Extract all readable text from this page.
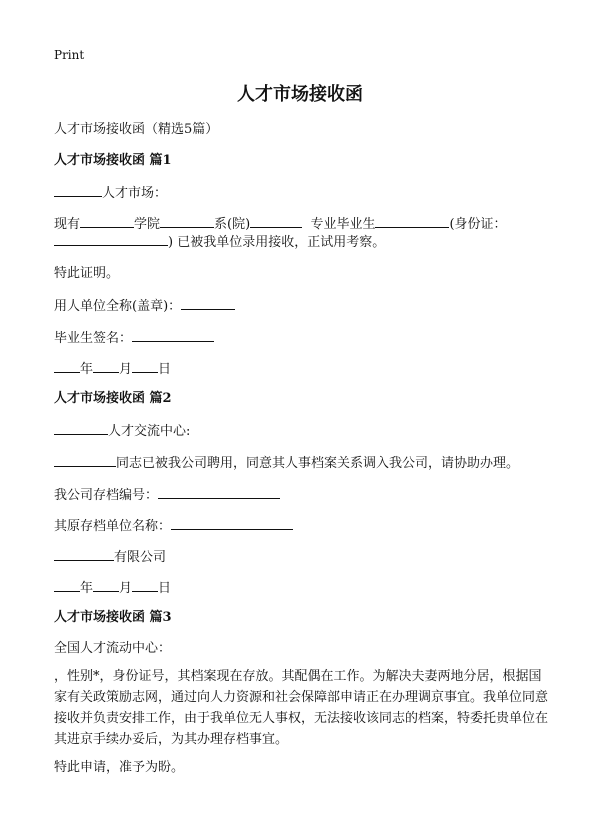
Print
人才市场接收函
人才市场接收函（精选5篇）
人才市场接收函 篇1
人才市场：
现有	学院	系(院)	专业毕业生	(身份证：
) 已被我单位录用接收，正试用考察。
特此证明。
用人单位全称(盖章)：
毕业生签名：
年 月 日
人才市场接收函 篇2
人才交流中心:
同志已被我公司聘用，同意其人事档案关系调入我公司，请协助办理。
我公司存档编号：
其原存档单位名称：
有限公司
年 月 日
人才市场接收函 篇3
全国人才流动中心：
，性别*，身份证号，其档案现在存放。其配偶在工作。为解决夫妻两地分居，根据国家有关政策励志网，通过向人力资源和社会保障部申请正在办理调京事宜。我单位同意接收并负责安排工作，由于我单位无人事权，无法接收该同志的档案，特委托贵单位在其进京手续办妥后，为其办理存档事宜。
特此申请，准予为盼。
